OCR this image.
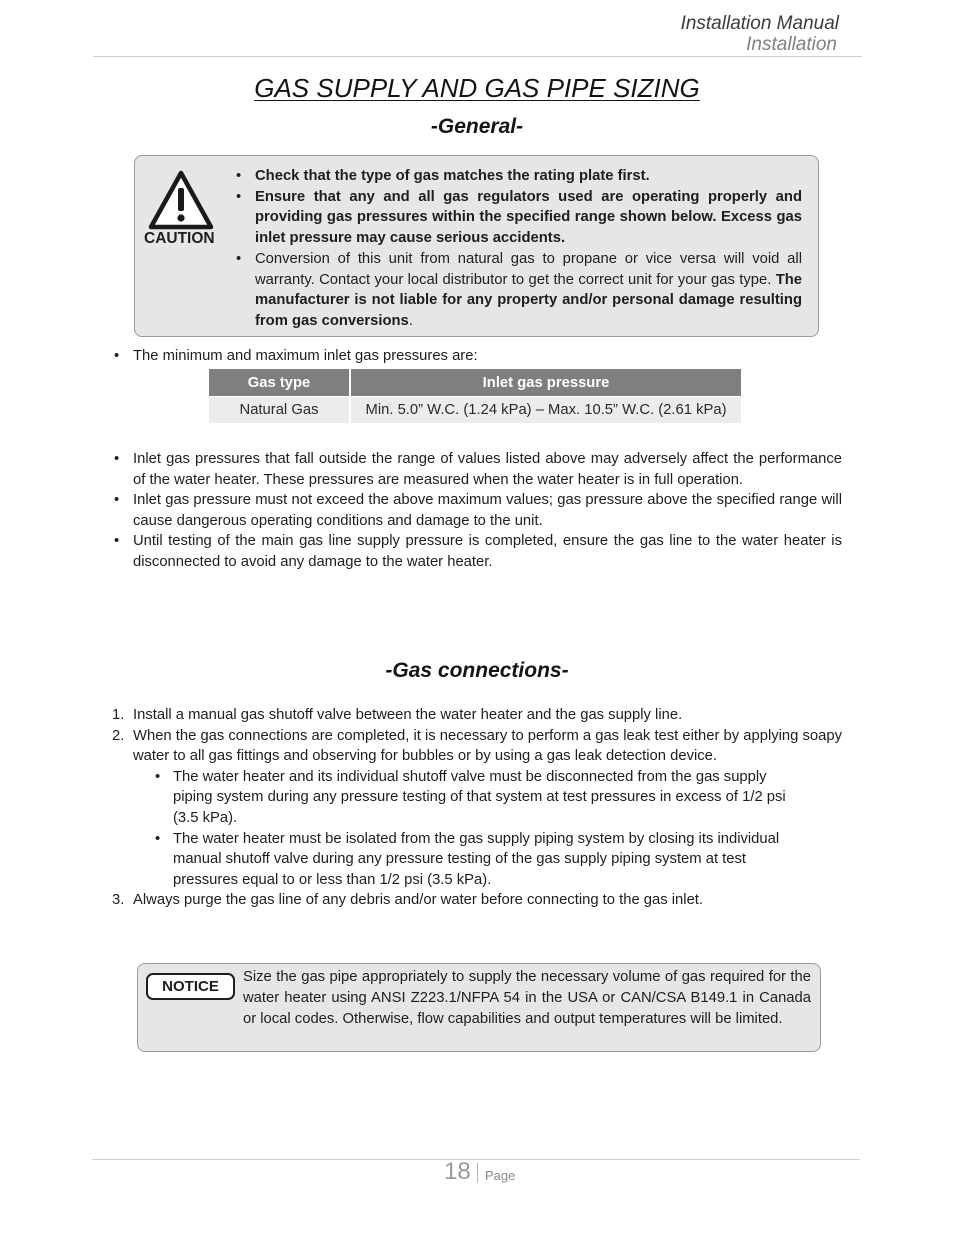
Installation Manual
Installation
GAS SUPPLY AND GAS PIPE SIZING
-General-
CAUTION
• Check that the type of gas matches the rating plate first.
• Ensure that any and all gas regulators used are operating properly and providing gas pressures within the specified range shown below. Excess gas inlet pressure may cause serious accidents.
• Conversion of this unit from natural gas to propane or vice versa will void all warranty. Contact your local distributor to get the correct unit for your gas type. The manufacturer is not liable for any property and/or personal damage resulting from gas conversions.
• The minimum and maximum inlet gas pressures are:
Gas type	Inlet gas pressure
Natural Gas	Min. 5.0” W.C. (1.24 kPa) – Max. 10.5” W.C. (2.61 kPa)
• Inlet gas pressures that fall outside the range of values listed above may adversely affect the performance of the water heater. These pressures are measured when the water heater is in full operation.
• Inlet gas pressure must not exceed the above maximum values; gas pressure above the specified range will cause dangerous operating conditions and damage to the unit.
• Until testing of the main gas line supply pressure is completed, ensure the gas line to the water heater is disconnected to avoid any damage to the water heater.
-Gas connections-
1. Install a manual gas shutoff valve between the water heater and the gas supply line.
2. When the gas connections are completed, it is necessary to perform a gas leak test either by applying soapy water to all gas fittings and observing for bubbles or by using a gas leak detection device.
• The water heater and its individual shutoff valve must be disconnected from the gas supply piping system during any pressure testing of that system at test pressures in excess of 1/2 psi (3.5 kPa).
• The water heater must be isolated from the gas supply piping system by closing its individual manual shutoff valve during any pressure testing of the gas supply piping system at test pressures equal to or less than 1/2 psi (3.5 kPa).
3. Always purge the gas line of any debris and/or water before connecting to the gas inlet.
NOTICE
Size the gas pipe appropriately to supply the necessary volume of gas required for the water heater using ANSI Z223.1/NFPA 54 in the USA or CAN/CSA B149.1 in Canada or local codes. Otherwise, flow capabilities and output temperatures will be limited.
18 Page
